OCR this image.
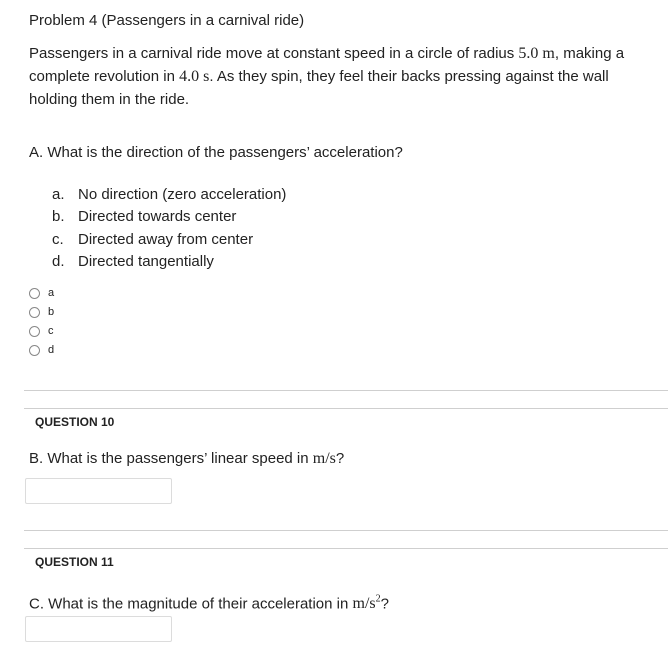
Problem 4 (Passengers in a carnival ride)
Passengers in a carnival ride move at constant speed in a circle of radius 5.0 m, making a complete revolution in 4.0 s. As they spin, they feel their backs pressing against the wall holding them in the ride.
A. What is the direction of the passengers’ acceleration?
a. No direction (zero acceleration)
b. Directed towards center
c. Directed away from center
d. Directed tangentially
a
b
c
d
QUESTION 10
B. What is the passengers’ linear speed in m/s?
QUESTION 11
C. What is the magnitude of their acceleration in $m/s^2$?
